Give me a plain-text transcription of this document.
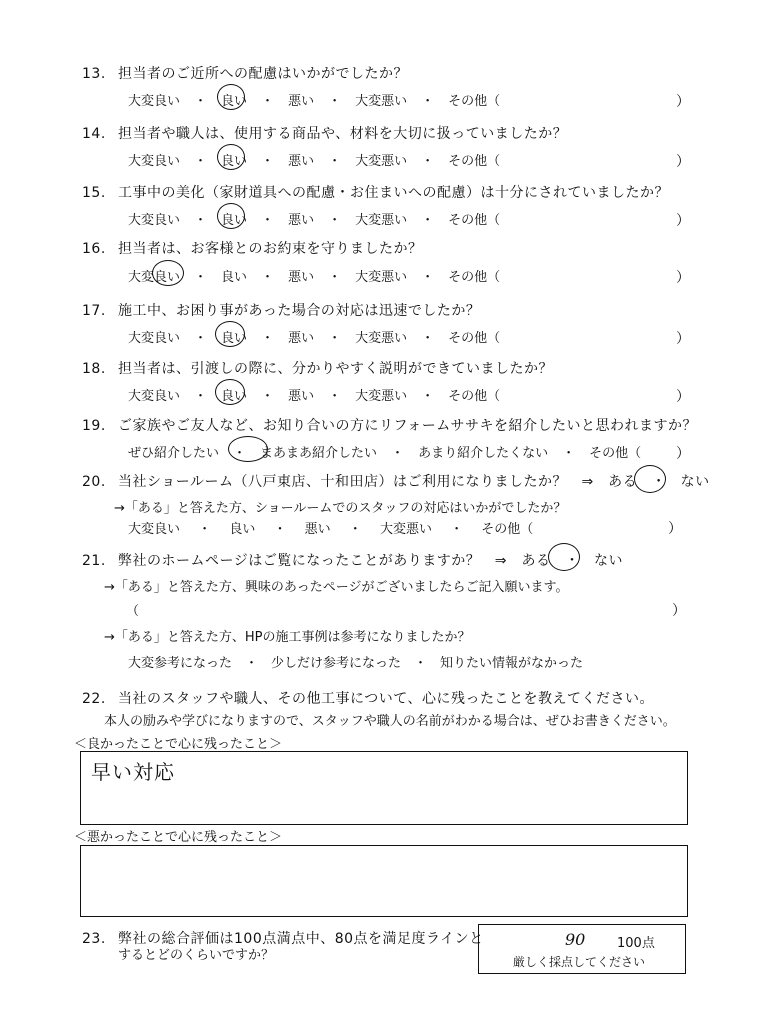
13. 担当者のご近所への配慮はいかがでしたか？
大変良い ・ 良い ・ 悪い ・ 大変悪い ・ その他（	）
14. 担当者や職人は、使用する商品や、材料を大切に扱っていましたか？
大変良い ・ 良い ・ 悪い ・ 大変悪い ・ その他（	）
15. 工事中の美化（家財道具への配慮・お住まいへの配慮）は十分にされていましたか？
大変良い ・ 良い ・ 悪い ・ 大変悪い ・ その他（	）
16. 担当者は、お客様とのお約束を守りましたか？
大変良い ・ 良い ・ 悪い ・ 大変悪い ・ その他（	）
17. 施工中、お困り事があった場合の対応は迅速でしたか？
大変良い ・ 良い ・ 悪い ・ 大変悪い ・ その他（	）
18. 担当者は、引渡しの際に、分かりやすく説明ができていましたか？
大変良い ・ 良い ・ 悪い ・ 大変悪い ・ その他（	）
19. ご家族やご友人など、お知り合いの方にリフォームササキを紹介したいと思われますか？
ぜひ紹介したい ・ まあまあ紹介したい ・ あまり紹介したくない ・ その他（ ）
20. 当社ショールーム（八戸東店、十和田店）はご利用になりましたか？　⇒　ある　・　ない
→「ある」と答えた方、ショールームでのスタッフの対応はいかがでしたか？
大変良い ・ 良い ・ 悪い ・ 大変悪い ・ その他（	）
21. 弊社のホームページはご覧になったことがありますか？　⇒　ある　・　ない
→「ある」と答えた方、興味のあったページがございましたらご記入願います。
（	）
→「ある」と答えた方、HPの施工事例は参考になりましたか？
大変参考になった　・　少しだけ参考になった　・　知りたい情報がなかった
22. 当社のスタッフや職人、その他工事について、心に残ったことを教えてください。
本人の励みや学びになりますので、スタッフや職人の名前がわかる場合は、ぜひお書きください。
＜良かったことで心に残ったこと＞
早い対応
＜悪かったことで心に残ったこと＞
23. 弊社の総合評価は100点満点中、80点を満足度ラインと
するとどのくらいですか？
90 100点
厳しく採点してください
